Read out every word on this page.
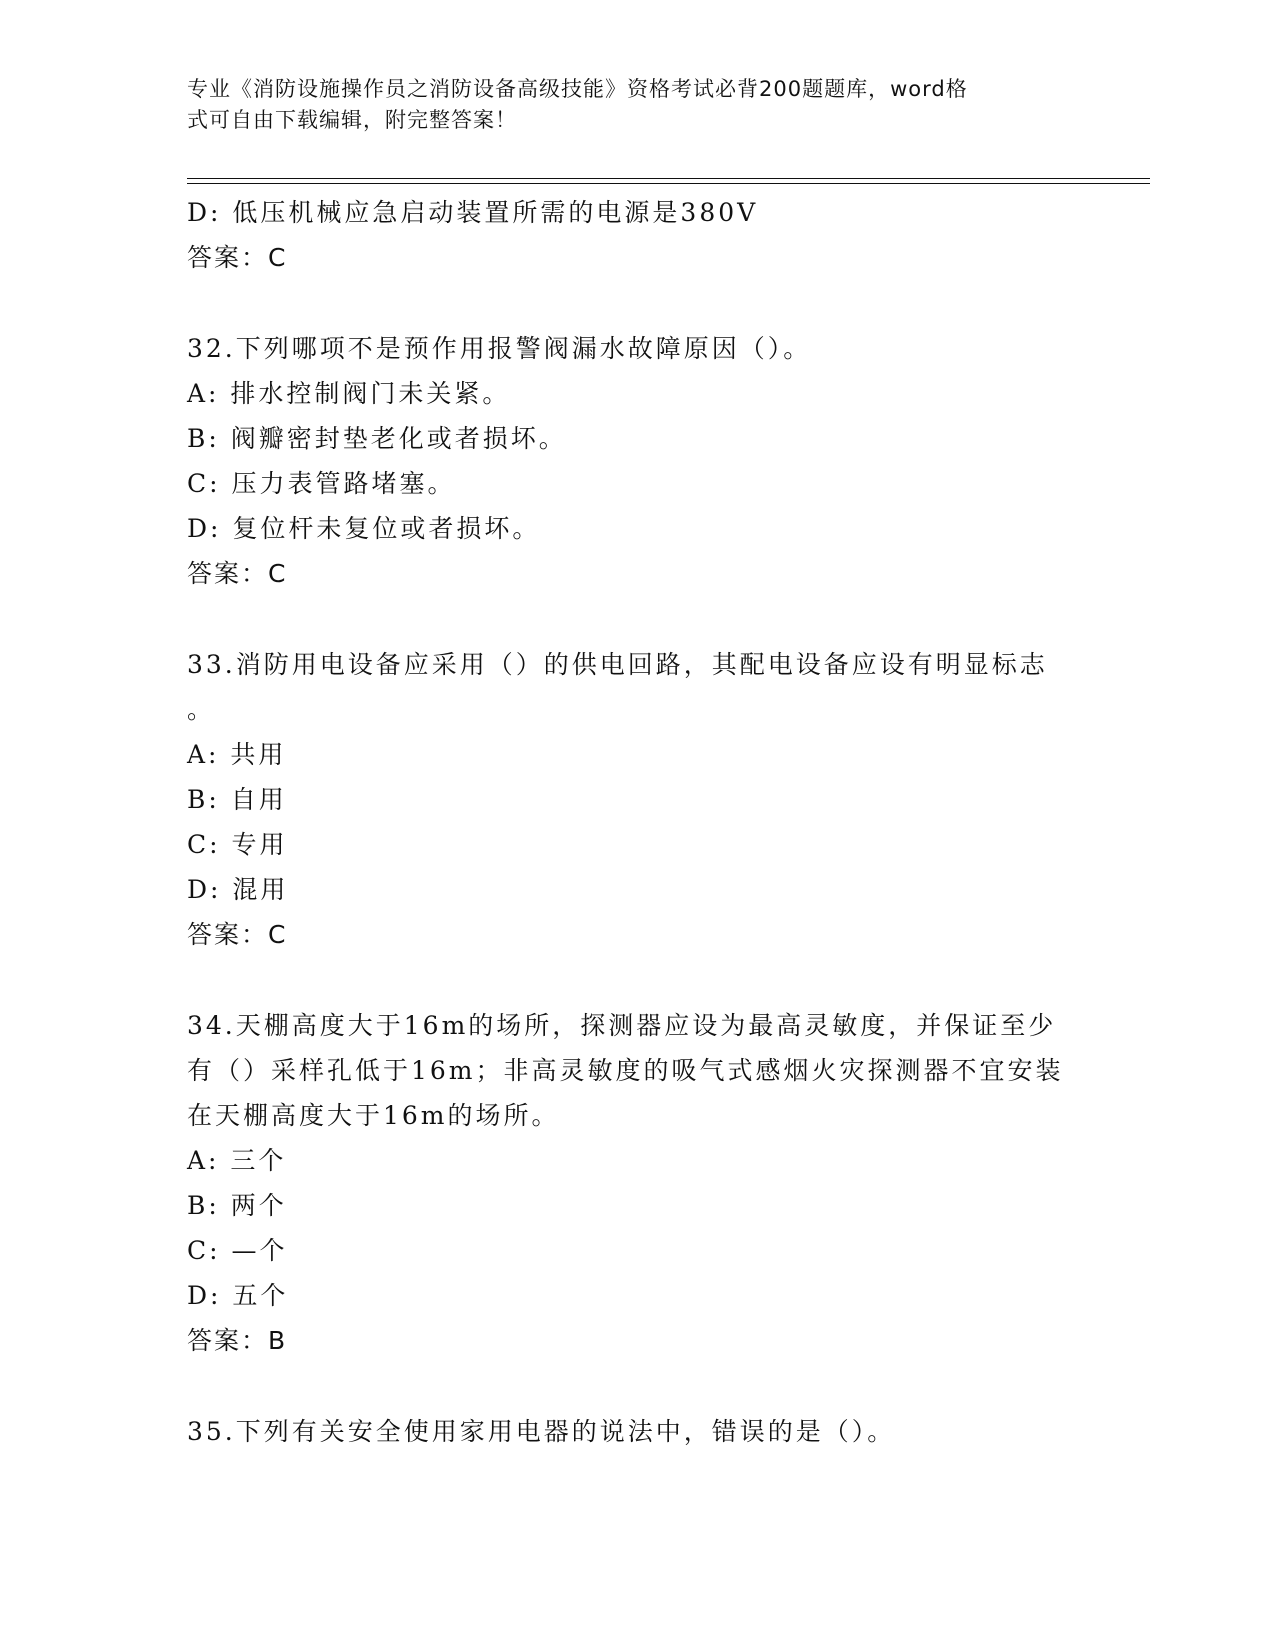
专业《消防设施操作员之消防设备高级技能》资格考试必背200题题库，word格
式可自由下载编辑，附完整答案！
D: 低压机械应急启动装置所需的电源是380V
答案：C
32.下列哪项不是预作用报警阀漏水故障原因（）。
A: 排水控制阀门未关紧。
B: 阀瓣密封垫老化或者损坏。
C: 压力表管路堵塞。
D: 复位杆未复位或者损坏。
答案：C
33.消防用电设备应采用（）的供电回路，其配电设备应设有明显标志
。
A: 共用
B: 自用
C: 专用
D: 混用
答案：C
34.天棚高度大于16m的场所，探测器应设为最高灵敏度，并保证至少
有（）采样孔低于16m；非高灵敏度的吸气式感烟火灾探测器不宜安装
在天棚高度大于16m的场所。
A: 三个
B: 两个
C: —个
D: 五个
答案：B
35.下列有关安全使用家用电器的说法中，错误的是（）。
